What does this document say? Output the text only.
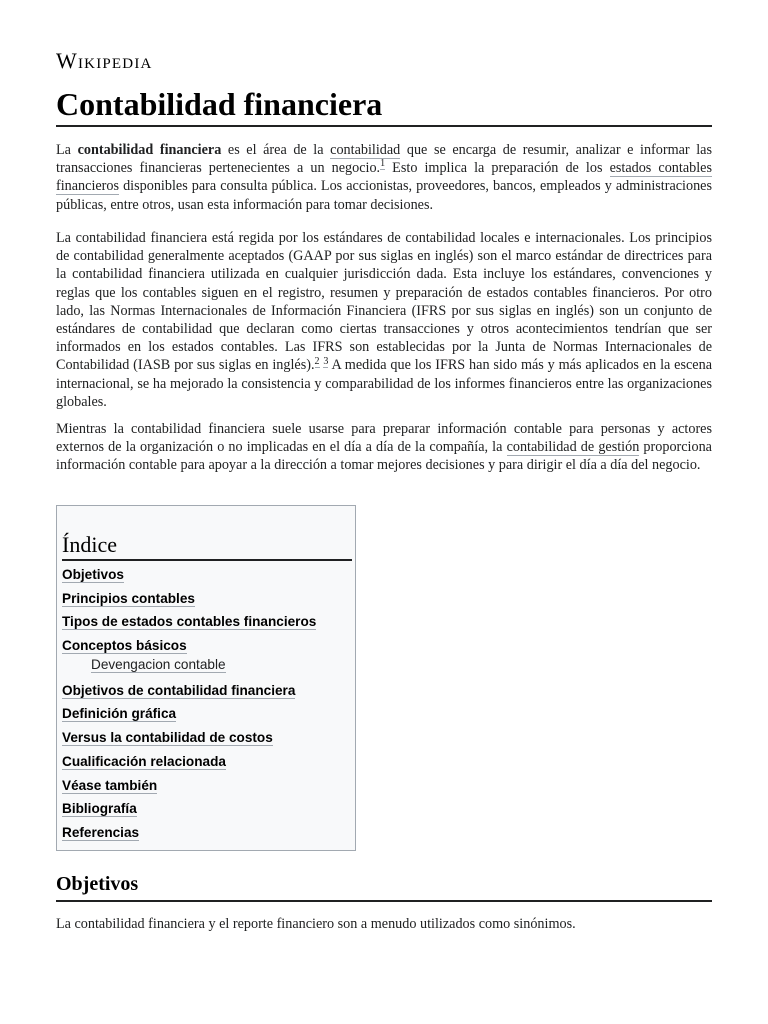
Wikipedia
Contabilidad financiera

La contabilidad financiera es el área de la contabilidad que se encarga de resumir, analizar e informar las transacciones financieras pertenecientes a un negocio.$^1$ Esto implica la preparación de los estados contables financieros disponibles para consulta pública. Los accionistas, proveedores, bancos, empleados y administraciones públicas, entre otros, usan esta información para tomar decisiones.

La contabilidad financiera está regida por los estándares de contabilidad locales e internacionales. Los principios de contabilidad generalmente aceptados (GAAP por sus siglas en inglés) son el marco estándar de directrices para la contabilidad financiera utilizada en cualquier jurisdicción dada. Esta incluye los estándares, convenciones y reglas que los contables siguen en el registro, resumen y preparación de estados contables financieros. Por otro lado, las Normas Internacionales de Información Financiera (IFRS por sus siglas en inglés) son un conjunto de estándares de contabilidad que declaran como ciertas transacciones y otros acontecimientos tendrían que ser informados en los estados contables. Las IFRS son establecidas por la Junta de Normas Internacionales de Contabilidad (IASB por sus siglas en inglés).$^2$ $^3$ A medida que los IFRS han sido más y más aplicados en la escena internacional, se ha mejorado la consistencia y comparabilidad de los informes financieros entre las organizaciones globales.

Mientras la contabilidad financiera suele usarse para preparar información contable para personas y actores externos de la organización o no implicadas en el día a día de la compañía, la contabilidad de gestión proporciona información contable para apoyar a la dirección a tomar mejores decisiones y para dirigir el día a día del negocio.

Índice
Objetivos
Principios contables
Tipos de estados contables financieros
Conceptos básicos
Devengacion contable
Objetivos de contabilidad financiera
Definición gráfica
Versus la contabilidad de costos
Cualificación relacionada
Véase también
Bibliografía
Referencias
Objetivos

La contabilidad financiera y el reporte financiero son a menudo utilizados como sinónimos.
